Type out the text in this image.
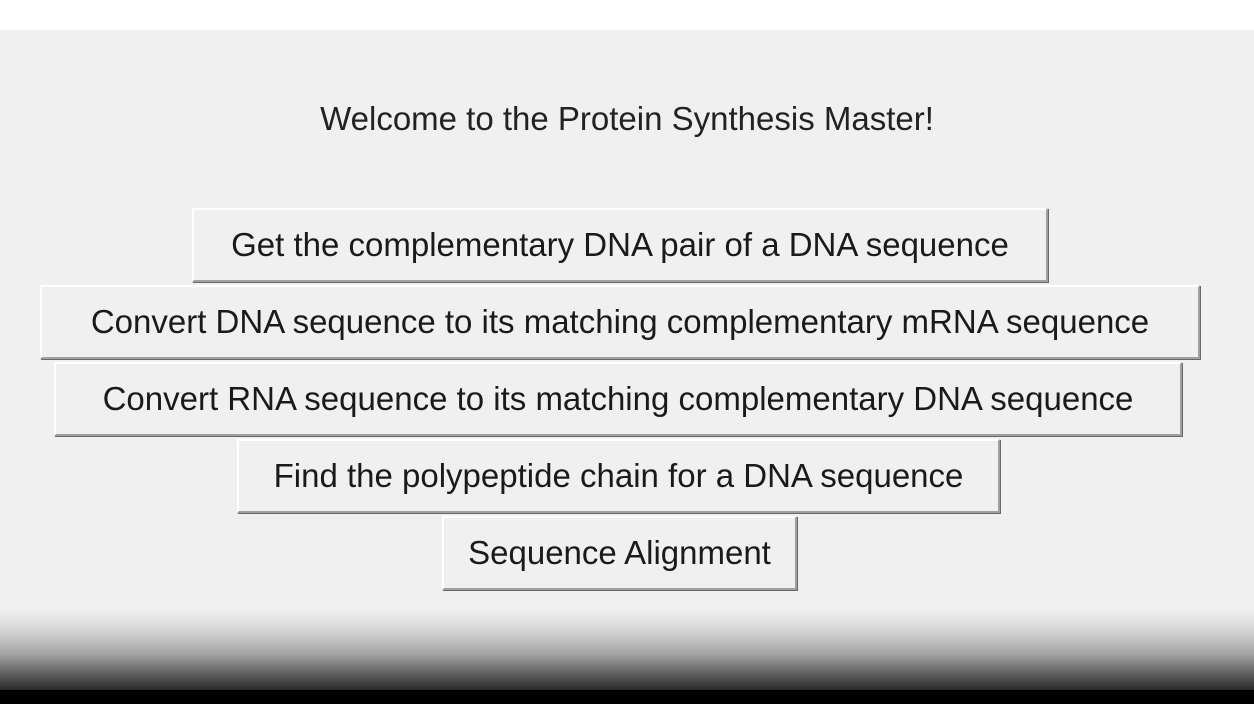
Welcome to the Protein Synthesis Master!
Get the complementary DNA pair of a DNA sequence
Convert DNA sequence to its matching complementary mRNA sequence
Convert RNA sequence to its matching complementary DNA sequence
Find the polypeptide chain for a DNA sequence
Sequence Alignment
